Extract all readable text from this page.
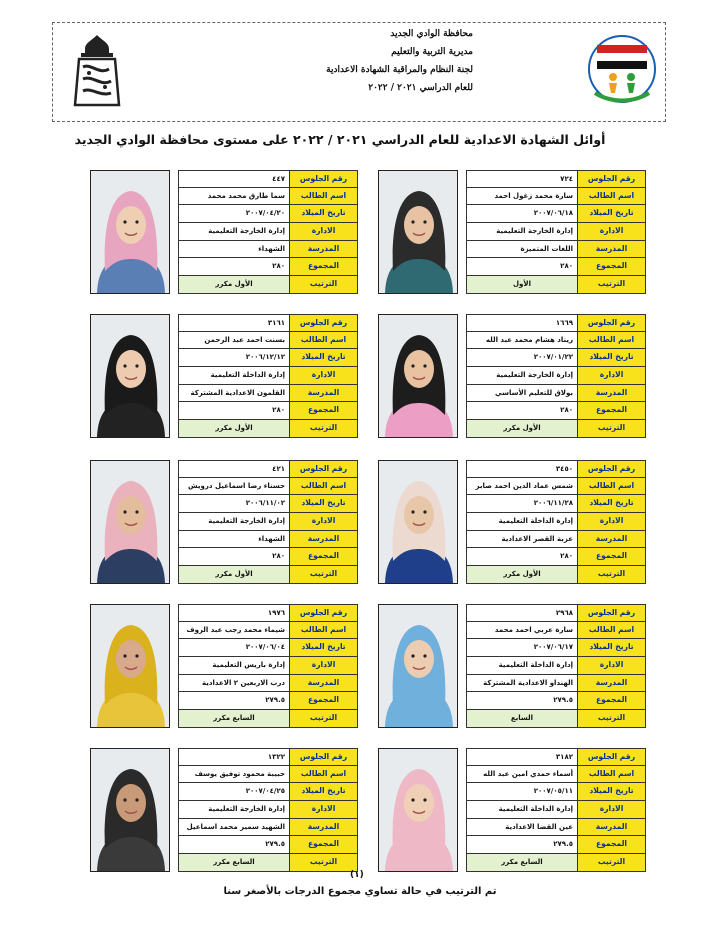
محافظة الوادي الجديد
مديرية التربية والتعليم
لجنة النظام والمراقبة الشهادة الاعدادية
للعام الدراسي ٢٠٢١ / ٢٠٢٢
أوائل الشهادة الاعدادية للعام الدراسي ٢٠٢١ / ٢٠٢٢ على مستوى محافظة الوادي الجديد
٧٢٤	رقم الجلوس
سارة محمد زغول احمد	اسم الطالب
٢٠٠٧/٠٦/١٨	تاريخ الميلاد
إدارة الخارجة التعليمية	الادارة
اللغات المتميزة	المدرسة
٢٨٠	المجموع
الأول	الترتيب
٤٤٧	رقم الجلوس
سما طارق محمد محمد	اسم الطالب
٢٠٠٧/٠٤/٢٠	تاريخ الميلاد
إدارة الخارجة التعليمية	الادارة
الشهداء	المدرسة
٢٨٠	المجموع
الأول مكرر	الترتيب
١٦٦٩	رقم الجلوس
ريناد هشام محمد عبد الله	اسم الطالب
٢٠٠٧/٠١/٢٢	تاريخ الميلاد
إدارة الخارجة التعليمية	الادارة
بولاق للتعليم الأساسي	المدرسة
٢٨٠	المجموع
الأول مكرر	الترتيب
٣١٦١	رقم الجلوس
بسنت احمد عبد الرحمن	اسم الطالب
٢٠٠٦/١٢/١٢	تاريخ الميلاد
إدارة الداخلة التعليمية	الادارة
القلمون الاعدادية المشتركة	المدرسة
٢٨٠	المجموع
الأول مكرر	الترتيب
٣٤٥٠	رقم الجلوس
شمس عماد الدين احمد صابر	اسم الطالب
٢٠٠٦/١١/٢٨	تاريخ الميلاد
إدارة الداخلة التعليمية	الادارة
عزبة القصر الاعدادية	المدرسة
٢٨٠	المجموع
الأول مكرر	الترتيب
٤٢١	رقم الجلوس
حسناء رضا اسماعيل درويش	اسم الطالب
٢٠٠٦/١١/٠٢	تاريخ الميلاد
إدارة الخارجة التعليمية	الادارة
الشهداء	المدرسة
٢٨٠	المجموع
الأول مكرر	الترتيب
٢٩٦٨	رقم الجلوس
سارة عربي احمد محمد	اسم الطالب
٢٠٠٧/٠٦/١٧	تاريخ الميلاد
إدارة الداخلة التعليمية	الادارة
الهنداو الاعدادية المشتركة	المدرسة
٢٧٩.٥	المجموع
السابع	الترتيب
١٩٧٦	رقم الجلوس
شيماء محمد رجب عبد الروف	اسم الطالب
٢٠٠٧/٠٦/٠٤	تاريخ الميلاد
إدارة باريس التعليمية	الادارة
درب الاربعين ٢ الاعدادية	المدرسة
٢٧٩.٥	المجموع
السابع مكرر	الترتيب
٣١٨٢	رقم الجلوس
أسماء حمدي امين عبد الله	اسم الطالب
٢٠٠٧/٠٥/١١	تاريخ الميلاد
إدارة الداخلة التعليمية	الادارة
عين القضا الاعدادية	المدرسة
٢٧٩.٥	المجموع
السابع مكرر	الترتيب
١٣٢٢	رقم الجلوس
حبيبة محمود توفيق يوسف	اسم الطالب
٢٠٠٧/٠٤/٢٥	تاريخ الميلاد
إدارة الخارجة التعليمية	الادارة
الشهيد سمير محمد اسماعيل	المدرسة
٢٧٩.٥	المجموع
السابع مكرر	الترتيب
(١)
تم الترتيب في حالة تساوي مجموع الدرجات بالأصغر سنا
